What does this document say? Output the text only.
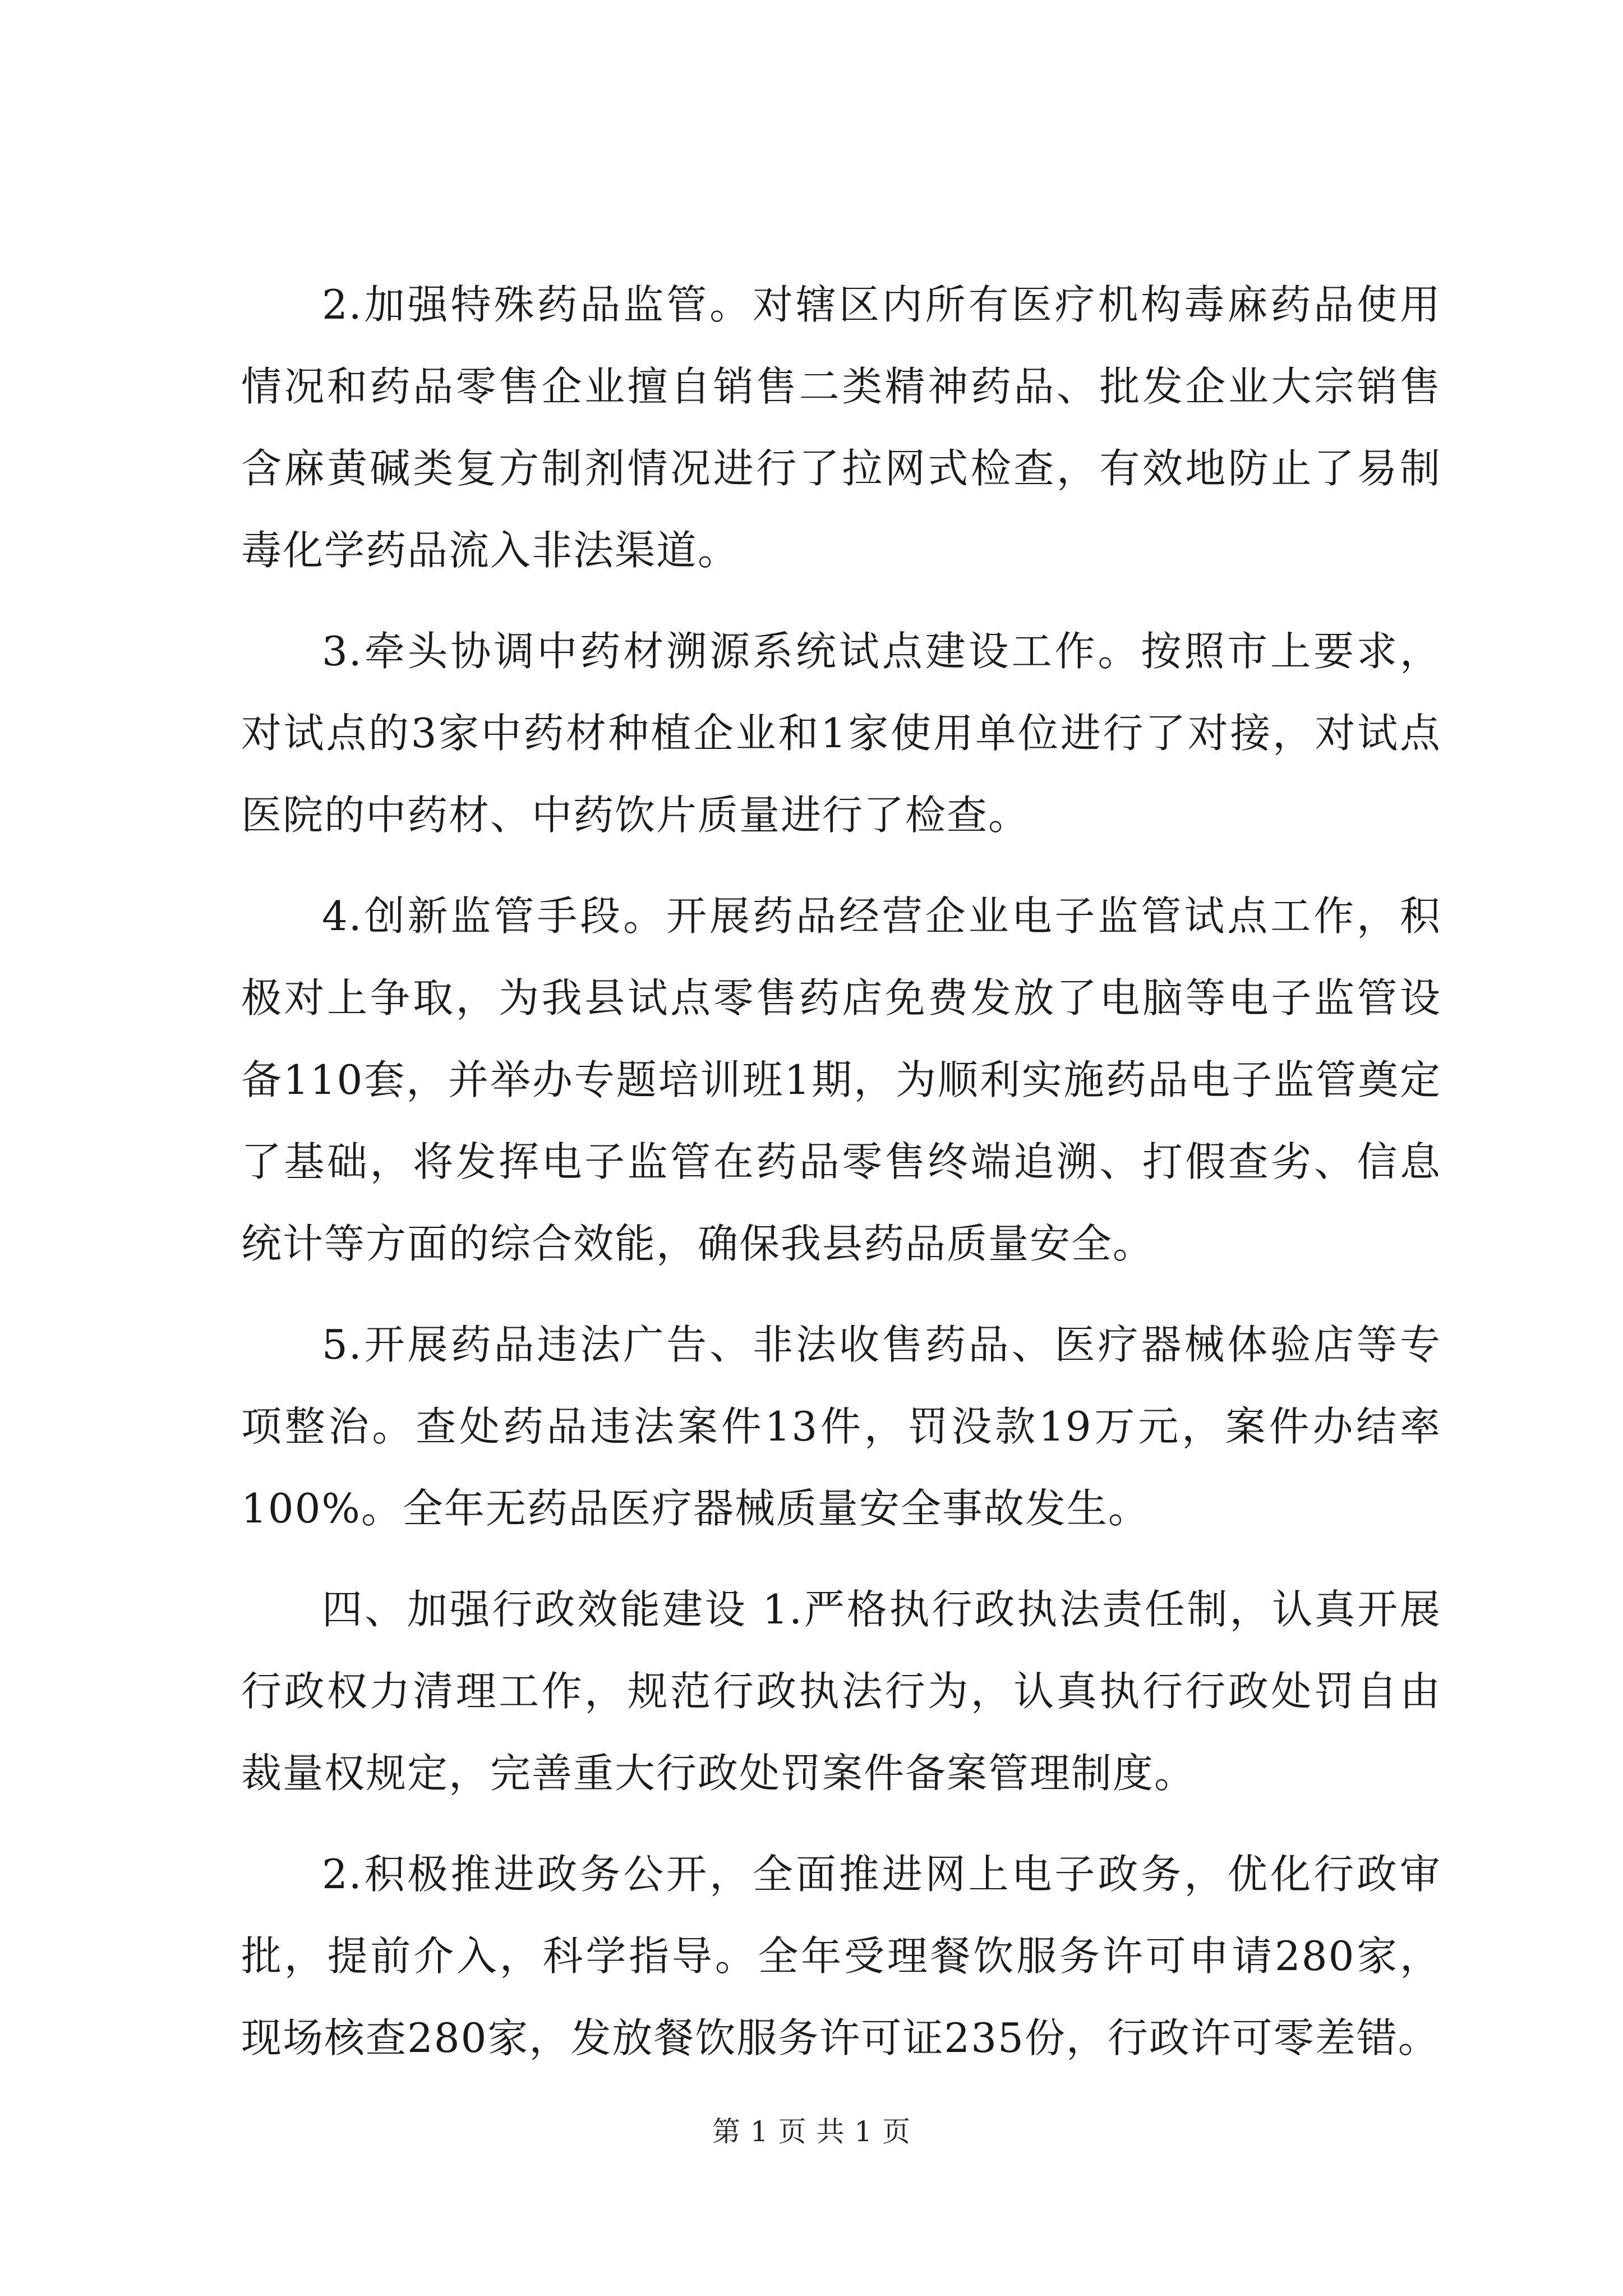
2.加强特殊药品监管。对辖区内所有医疗机构毒麻药品使用情况和药品零售企业擅自销售二类精神药品、批发企业大宗销售含麻黄碱类复方制剂情况进行了拉网式检查，有效地防止了易制毒化学药品流入非法渠道。

3.牵头协调中药材溯源系统试点建设工作。按照市上要求，对试点的3家中药材种植企业和1家使用单位进行了对接，对试点医院的中药材、中药饮片质量进行了检查。

4.创新监管手段。开展药品经营企业电子监管试点工作，积极对上争取，为我县试点零售药店免费发放了电脑等电子监管设备110套，并举办专题培训班1期，为顺利实施药品电子监管奠定了基础，将发挥电子监管在药品零售终端追溯、打假查劣、信息统计等方面的综合效能，确保我县药品质量安全。

5.开展药品违法广告、非法收售药品、医疗器械体验店等专项整治。查处药品违法案件13件，罚没款19万元，案件办结率100%。全年无药品医疗器械质量安全事故发生。

四、加强行政效能建设 1.严格执行政执法责任制，认真开展行政权力清理工作，规范行政执法行为，认真执行行政处罚自由裁量权规定，完善重大行政处罚案件备案管理制度。

2.积极推进政务公开，全面推进网上电子政务，优化行政审批，提前介入，科学指导。全年受理餐饮服务许可申请280家，现场核查280家，发放餐饮服务许可证235份，行政许可零差错。

第 1 页 共 1 页
